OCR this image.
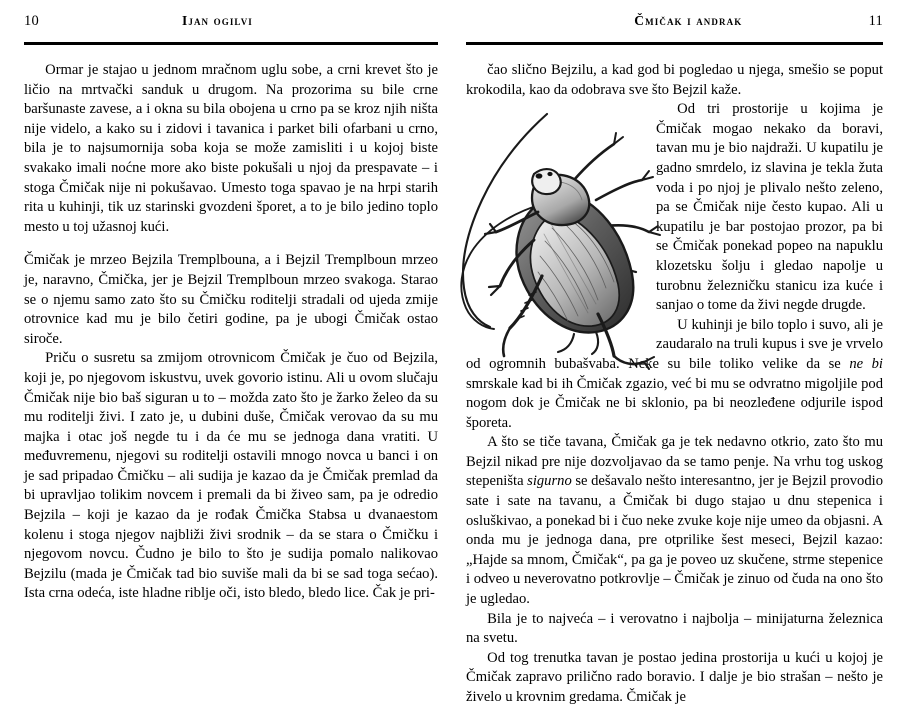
10	ijan ogilvi

Ormar je stajao u jednom mračnom uglu sobe, a crni krevet što je ličio na mrtvački sanduk u drugom. Na prozorima su bile crne baršunaste zavese, a i okna su bila obojena u crno pa se kroz njih ništa nije videlo, a kako su i zidovi i tavanica i parket bili ofarbani u crno, bila je to najsumornija soba koja se može zamisliti i u kojoj biste svakako imali noćne more ako biste pokušali u njoj da prespavate – i stoga Čmičak nije ni pokušavao. Umesto toga spavao je na hrpi starih rita u kuhinji, tik uz starinski gvozdeni šporet, a to je bilo jedino toplo mesto u toj užasnoj kući.

Čmičak je mrzeo Bejzila Tremplbouna, a i Bejzil Tremplboun mrzeo je, naravno, Čmička, jer je Bejzil Tremplboun mrzeo svakoga. Starao se o njemu samo zato što su Čmičku roditelji stradali od ujeda zmije otrovnice kad mu je bilo četiri godine, pa je ubogi Čmičak ostao siroče.

Priču o susretu sa zmijom otrovnicom Čmičak je čuo od Bejzila, koji je, po njegovom iskustvu, uvek govorio istinu. Ali u ovom slučaju Čmičak nije bio baš siguran u to – možda zato što je žarko želeo da su mu roditelji živi. I zato je, u dubini duše, Čmičak verovao da su mu majka i otac još negde tu i da će mu se jednoga dana vratiti. U međuvremenu, njegovi su roditelji ostavili mnogo novca u banci i on je sad pripadao Čmičku – ali sudija je kazao da je Čmičak premlad da bi upravljao tolikim novcem i premali da bi živeo sam, pa je odredio Bejzila – koji je kazao da je rođak Čmička Stabsa u dvanaestom kolenu i stoga njegov najbliži živi srodnik – da se stara o Čmičku i njegovom novcu. Čudno je bilo to što je sudija pomalo nalikovao Bejzilu (mada je Čmičak tad bio suviše mali da bi se sad toga sećao). Ista crna odeća, iste hladne riblje oči, isto bledo, bledo lice. Čak je pri-

Čmičak i andrak	11

čao slično Bejzilu, a kad god bi pogledao u njega, smešio se poput krokodila, kao da odobrava sve što Bejzil kaže.

Od tri prostorije u kojima je Čmičak mogao nekako da boravi, tavan mu je bio najdraži. U kupatilu je gadno smrdelo, iz slavina je tekla žuta voda i po njoj je plivalo nešto zeleno, pa se Čmičak nije često kupao. Ali u kupatilu je bar postojao prozor, pa bi se Čmičak ponekad popeo na napuklu klozetsku šolju i gledao napolje u turobnu železničku stanicu iza kuće i sanjao o tome da živi negde drugde.

U kuhinji je bilo toplo i suvo, ali je zaudaralo na truli kupus i sve je vrvelo od ogromnih bubašvaba. Neke su bile toliko velike da se ne bi smrskale kad bi ih Čmičak zgazio, već bi mu se odvratno migoljile pod nogom dok je Čmičak ne bi sklonio, pa bi neozleđene odjurile ispod šporeta.

A što se tiče tavana, Čmičak ga je tek nedavno otkrio, zato što mu Bejzil nikad pre nije dozvoljavao da se tamo penje. Na vrhu tog uskog stepeništa sigurno se dešavalo nešto interesantno, jer je Bejzil provodio sate i sate na tavanu, a Čmičak bi dugo stajao u dnu stepenica i osluškivao, a ponekad bi i čuo neke zvuke koje nije umeo da objasni. A onda mu je jednoga dana, pre otprilike šest meseci, Bejzil kazao: „Hajde sa mnom, Čmičak“, pa ga je poveo uz skučene, strme stepenice i odveo u neverovatno potkrovlje – Čmičak je zinuo od čuda na ono što je ugledao.

Bila je to najveća – i verovatno i najbolja – minijaturna železnica na svetu.

Od tog trenutka tavan je postao jedina prostorija u kući u kojoj je Čmičak zapravo prilično rado boravio. I dalje je bio strašan – nešto je živelo u krovnim gredama. Čmičak je
